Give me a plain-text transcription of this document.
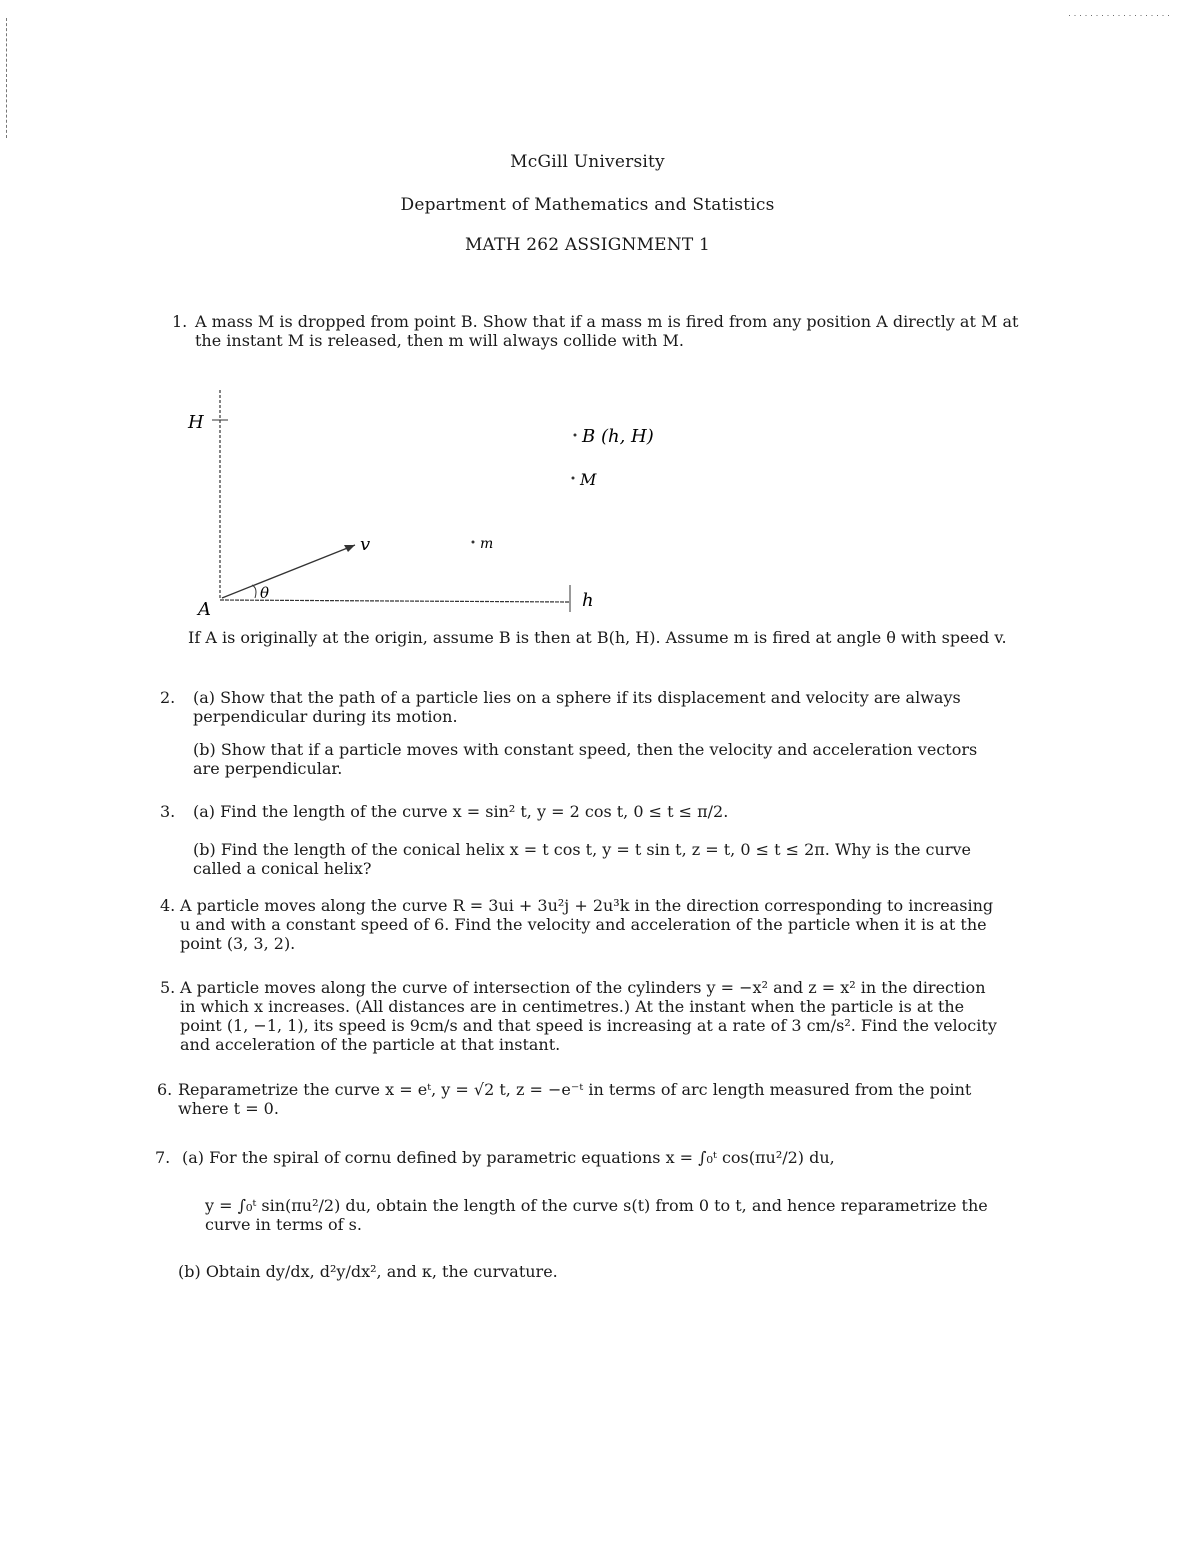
· · · · · · · · · · · · · · · · · · ·
McGill University
Department of Mathematics and Statistics
MATH 262 ASSIGNMENT 1
1. A mass M is dropped from point B. Show that if a mass m is fired from any position A directly at M at the instant M is released, then m will always collide with M.
H
B (h, H)
M
v	m
θ
A	h
If A is originally at the origin, assume B is then at B(h, H). Assume m is fired at angle θ with speed v.
2. (a) Show that the path of a particle lies on a sphere if its displacement and velocity are always perpendicular during its motion.
(b) Show that if a particle moves with constant speed, then the velocity and acceleration vectors are perpendicular.
3. (a) Find the length of the curve x = sin² t, y = 2 cos t, 0 ≤ t ≤ π/2.
(b) Find the length of the conical helix x = t cos t, y = t sin t, z = t, 0 ≤ t ≤ 2π. Why is the curve called a conical helix?
4. A particle moves along the curve R = 3ui + 3u²j + 2u³k in the direction corresponding to increasing u and with a constant speed of 6. Find the velocity and acceleration of the particle when it is at the point (3, 3, 2).
5. A particle moves along the curve of intersection of the cylinders y = −x² and z = x² in the direction in which x increases. (All distances are in centimetres.) At the instant when the particle is at the point (1, −1, 1), its speed is 9cm/s and that speed is increasing at a rate of 3 cm/s². Find the velocity and acceleration of the particle at that instant.
6. Reparametrize the curve x = eᵗ, y = √2 t, z = −e⁻ᵗ in terms of arc length measured from the point where t = 0.
7. (a) For the spiral of cornu defined by parametric equations x = ∫₀ᵗ cos(πu²/2) du,
y = ∫₀ᵗ sin(πu²/2) du, obtain the length of the curve s(t) from 0 to t, and hence reparametrize the curve in terms of s.
(b) Obtain dy/dx, d²y/dx², and κ, the curvature.
